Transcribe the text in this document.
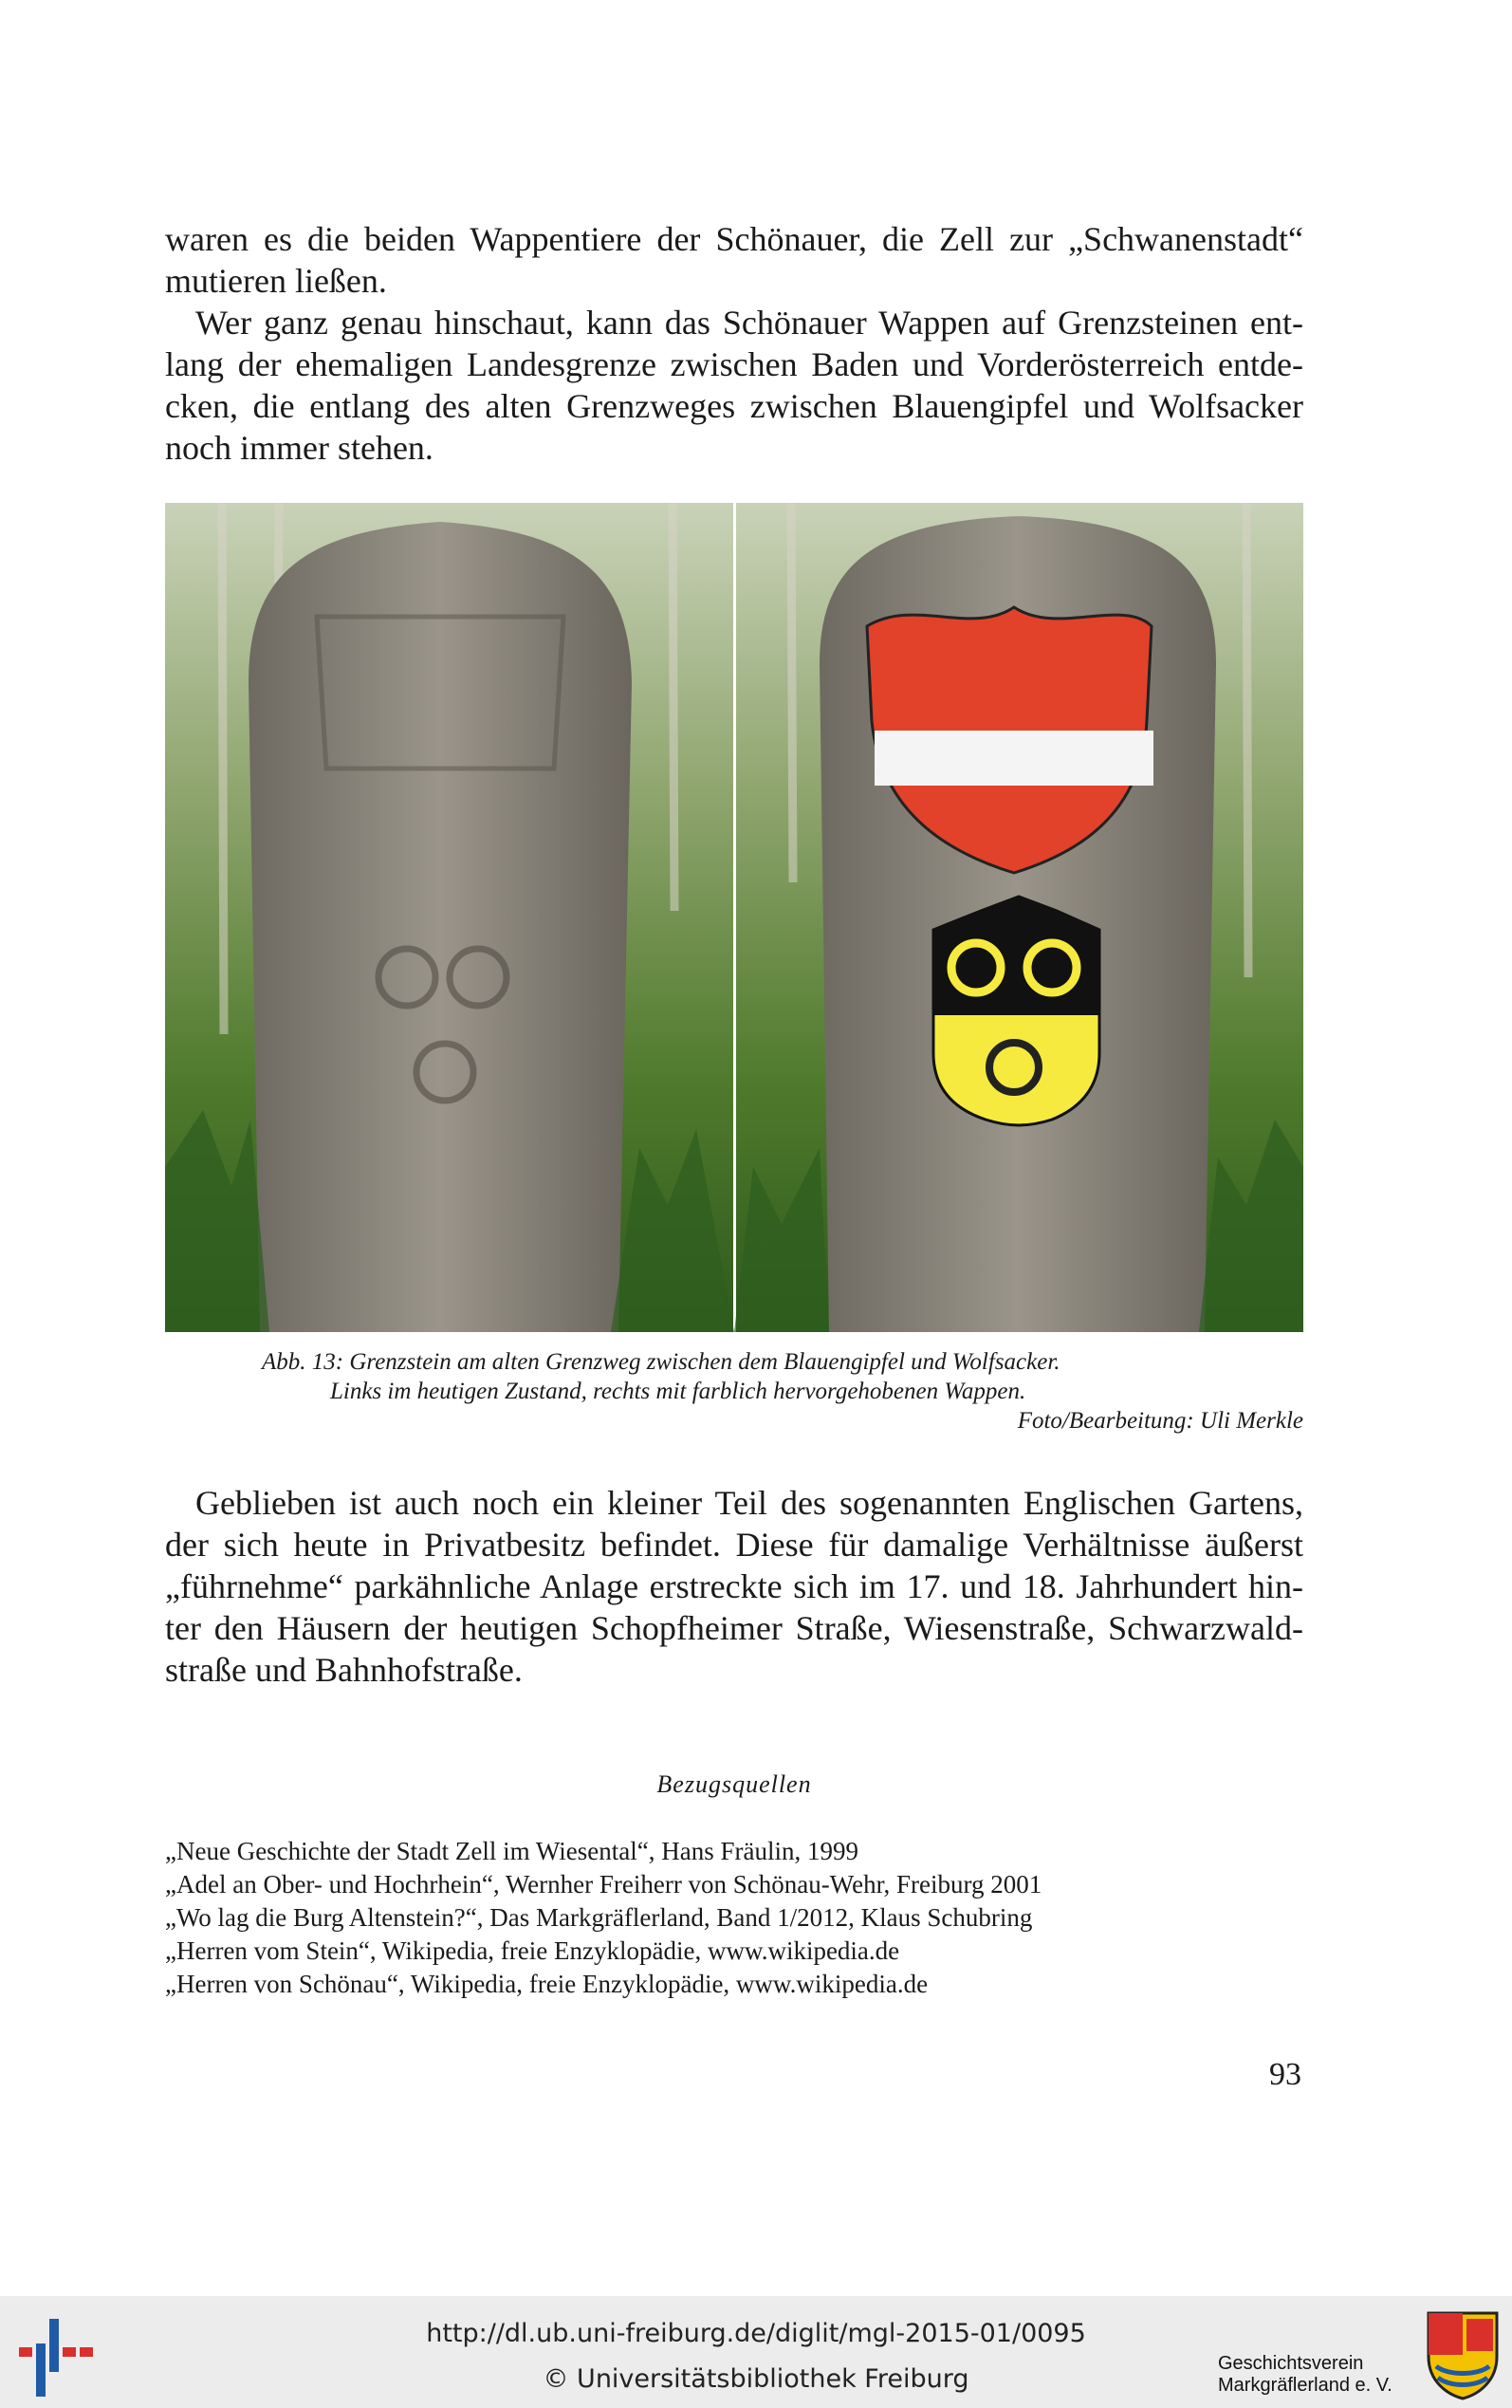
waren es die beiden Wappentiere der Schönauer, die Zell zur „Schwanenstadt“
mutieren ließen.
Wer ganz genau hinschaut, kann das Schönauer Wappen auf Grenzsteinen ent-
lang der ehemaligen Landesgrenze zwischen Baden und Vorderösterreich entde-
cken, die entlang des alten Grenzweges zwischen Blauengipfel und Wolfsacker
noch immer stehen.

Abb. 13: Grenzstein am alten Grenzweg zwischen dem Blauengipfel und Wolfsacker.
Links im heutigen Zustand, rechts mit farblich hervorgehobenen Wappen.
Foto/Bearbeitung: Uli Merkle

Geblieben ist auch noch ein kleiner Teil des sogenannten Englischen Gartens,
der sich heute in Privatbesitz befindet. Diese für damalige Verhältnisse äußerst
„führnehme“ parkähnliche Anlage erstreckte sich im 17. und 18. Jahrhundert hin-
ter den Häusern der heutigen Schopfheimer Straße, Wiesenstraße, Schwarzwald-
straße und Bahnhofstraße.

Bezugsquellen
„Neue Geschichte der Stadt Zell im Wiesental“, Hans Fräulin, 1999
„Adel an Ober- und Hochrhein“, Wernher Freiherr von Schönau-Wehr, Freiburg 2001
„Wo lag die Burg Altenstein?“, Das Markgräflerland, Band 1/2012, Klaus Schubring
„Herren vom Stein“, Wikipedia, freie Enzyklopädie, www.wikipedia.de
„Herren von Schönau“, Wikipedia, freie Enzyklopädie, www.wikipedia.de
93
http://dl.ub.uni-freiburg.de/diglit/mgl-2015-01/0095
© Universitätsbibliothek Freiburg
Geschichtsverein
Markgräflerland e. V.
